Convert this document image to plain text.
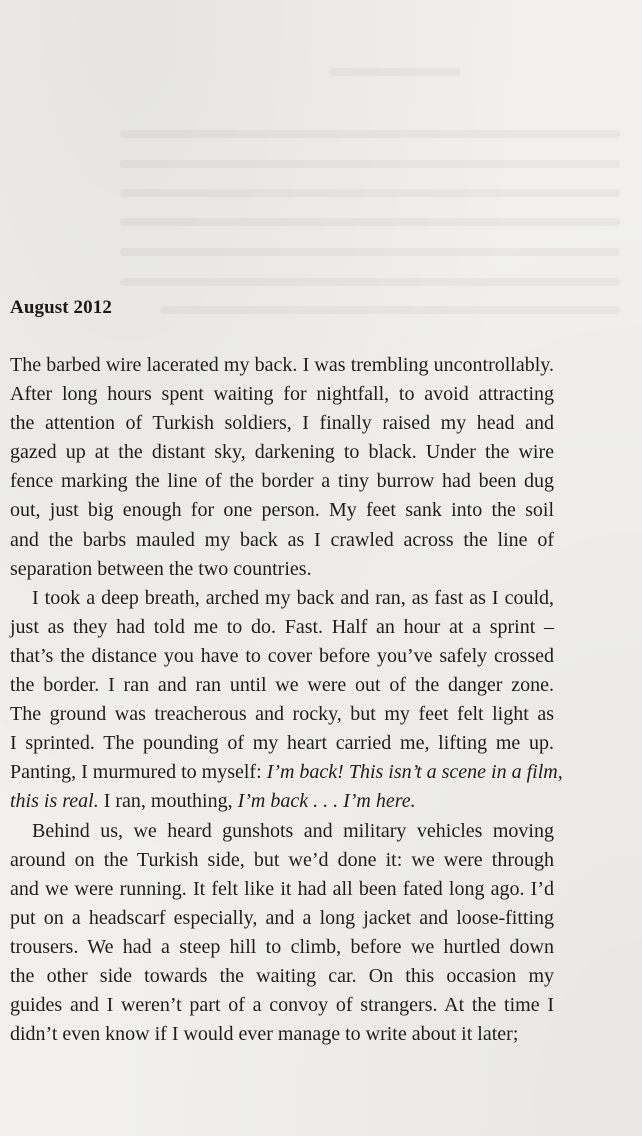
August 2012
The barbed wire lacerated my back. I was trembling uncontrollably.
After long hours spent waiting for nightfall, to avoid attracting
the attention of Turkish soldiers, I finally raised my head and
gazed up at the distant sky, darkening to black. Under the wire
fence marking the line of the border a tiny burrow had been dug
out, just big enough for one person. My feet sank into the soil
and the barbs mauled my back as I crawled across the line of
separation between the two countries.
I took a deep breath, arched my back and ran, as fast as I could,
just as they had told me to do. Fast. Half an hour at a sprint –
that’s the distance you have to cover before you’ve safely crossed
the border. I ran and ran until we were out of the danger zone.
The ground was treacherous and rocky, but my feet felt light as
I sprinted. The pounding of my heart carried me, lifting me up.
Panting, I murmured to myself: I’m back! This isn’t a scene in a film,
this is real. I ran, mouthing, I’m back . . . I’m here.
Behind us, we heard gunshots and military vehicles moving
around on the Turkish side, but we’d done it: we were through
and we were running. It felt like it had all been fated long ago. I’d
put on a headscarf especially, and a long jacket and loose-fitting
trousers. We had a steep hill to climb, before we hurtled down
the other side towards the waiting car. On this occasion my
guides and I weren’t part of a convoy of strangers. At the time I
didn’t even know if I would ever manage to write about it later;
